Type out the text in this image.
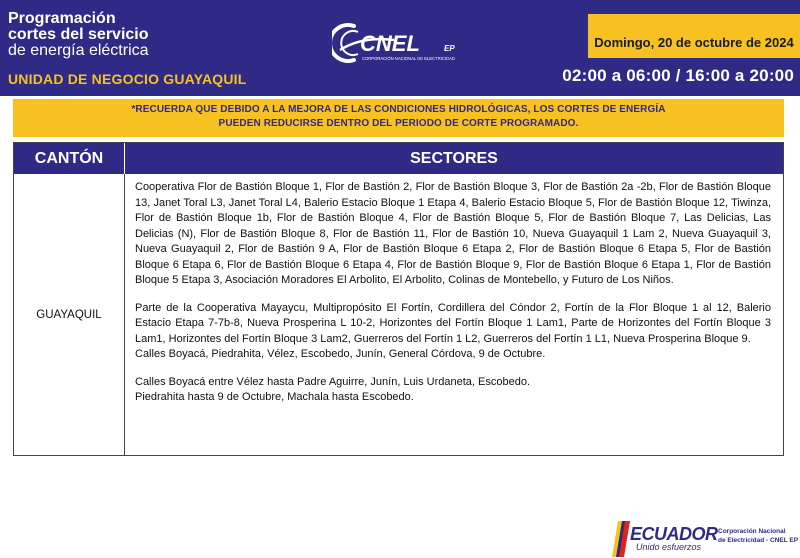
Programación
cortes del servicio
de energía eléctrica
UNIDAD DE NEGOCIO GUAYAQUIL
CNEL	EP
CORPORACIÓN NACIONAL DE ELECTRICIDAD
Domingo, 20 de octubre de 2024
02:00 a 06:00 / 16:00 a 20:00
*RECUERDA QUE DEBIDO A LA MEJORA DE LAS CONDICIONES HIDROLÓGICAS, LOS CORTES DE ENERGÍA
PUEDEN REDUCIRSE DENTRO DEL PERIODO DE CORTE PROGRAMADO.
CANTÓN	SECTORES
GUAYAQUIL

Cooperativa Flor de Bastión Bloque 1, Flor de Bastión 2, Flor de Bastión Bloque 3, Flor de Bastión 2a -2b, Flor de Bastión Bloque 13, Janet Toral L3, Janet Toral L4, Balerio Estacio Bloque 1 Etapa 4, Balerio Estacio Bloque 5, Flor de Bastión Bloque 12, Tiwinza, Flor de Bastión Bloque 1b, Flor de Bastión Bloque 4, Flor de Bastión Bloque 5, Flor de Bastión Bloque 7, Las Delicias, Las Delicias (N), Flor de Bastión Bloque 8, Flor de Bastión 11, Flor de Bastión 10, Nueva Guayaquil 1 Lam 2, Nueva Guayaquil 3, Nueva Guayaquil 2, Flor de Bastión 9 A, Flor de Bastión Bloque 6 Etapa 2, Flor de Bastión Bloque 6 Etapa 5, Flor de Bastión Bloque 6 Etapa 6, Flor de Bastión Bloque 6 Etapa 4, Flor de Bastión Bloque 9, Flor de Bastión Bloque 6 Etapa 1, Flor de Bastión Bloque 5 Etapa 3, Asociación Moradores El Arbolito, El Arbolito, Colinas de Montebello, y Futuro de Los Niños.

Parte de la Cooperativa Mayaycu, Multipropósito El Fortín, Cordillera del Cóndor 2, Fortín de la Flor Bloque 1 al 12, Balerio Estacio Etapa 7-7b-8, Nueva Prosperina L 10-2, Horizontes del Fortín Bloque 1 Lam1, Parte de Horizontes del Fortín Bloque 3 Lam1, Horizontes del Fortín Bloque 3 Lam2, Guerreros del Fortín 1 L2, Guerreros del Fortín 1 L1, Nueva Prosperina Bloque 9.

Calles Boyacá, Piedrahita, Vélez, Escobedo, Junín, General Córdova, 9 de Octubre.

Calles Boyacá entre Vélez hasta Padre Aguirre, Junín, Luis Urdaneta, Escobedo.

Piedrahita hasta 9 de Octubre, Machala hasta Escobedo.

ECUADOR
Unido esfuerzos
Corporación Nacional
de Electricidad - CNEL EP
